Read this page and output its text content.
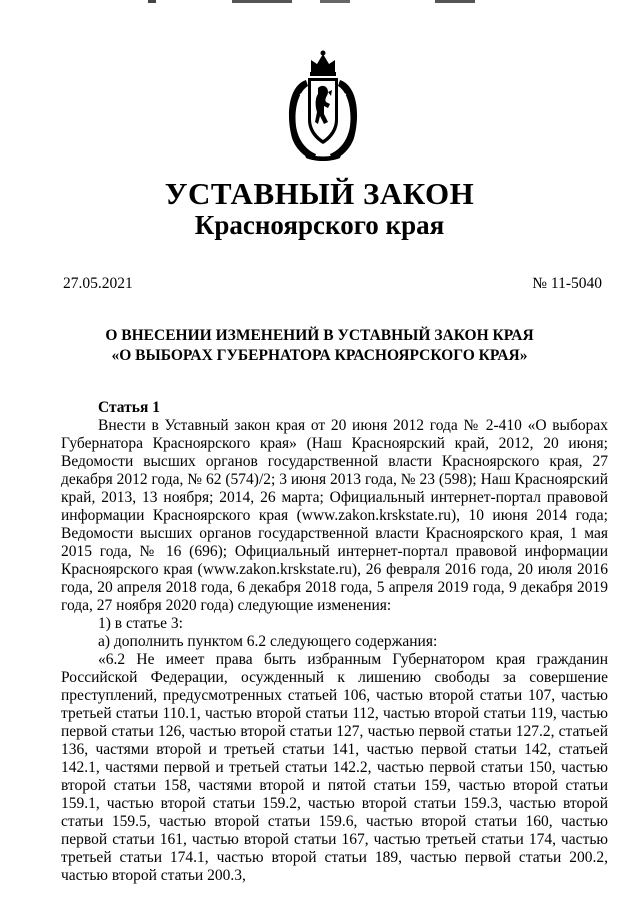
УСТАВНЫЙ ЗАКОН
Красноярского края
27.05.2021	№ 11-5040
О ВНЕСЕНИИ ИЗМЕНЕНИЙ В УСТАВНЫЙ ЗАКОН КРАЯ
«О ВЫБОРАХ ГУБЕРНАТОРА КРАСНОЯРСКОГО КРАЯ»
Статья 1

Внести в Уставный закон края от 20 июня 2012 года № 2-410 «О выборах Губернатора Красноярского края» (Наш Красноярский край, 2012, 20 июня; Ведомости высших органов государственной власти Красноярского края, 27 декабря 2012 года, № 62 (574)/2; 3 июня 2013 года, № 23 (598); Наш Красноярский край, 2013, 13 ноября; 2014, 26 марта; Официальный интернет-портал правовой информации Красноярского края (www.zakon.krskstate.ru), 10 июня 2014 года; Ведомости высших органов государственной власти Красноярского края, 1 мая 2015 года, № 16 (696); Официальный интернет-портал правовой информации Красноярского края (www.zakon.krskstate.ru), 26 февраля 2016 года, 20 июля 2016 года, 20 апреля 2018 года, 6 декабря 2018 года, 5 апреля 2019 года, 9 декабря 2019 года, 27 ноября 2020 года) следующие изменения:

1) в статье 3:

а) дополнить пунктом 6.2 следующего содержания:

«6.2 Не имеет права быть избранным Губернатором края гражданин Российской Федерации, осужденный к лишению свободы за совершение преступлений, предусмотренных статьей 106, частью второй статьи 107, частью третьей статьи 110.1, частью второй статьи 112, частью второй статьи 119, частью первой статьи 126, частью второй статьи 127, частью первой статьи 127.2, статьей 136, частями второй и третьей статьи 141, частью первой статьи 142, статьей 142.1, частями первой и третьей статьи 142.2, частью первой статьи 150, частью второй статьи 158, частями второй и пятой статьи 159, частью второй статьи 159.1, частью второй статьи 159.2, частью второй статьи 159.3, частью второй статьи 159.5, частью второй статьи 159.6, частью второй статьи 160, частью первой статьи 161, частью второй статьи 167, частью третьей статьи 174, частью третьей статьи 174.1, частью второй статьи 189, частью первой статьи 200.2, частью второй статьи 200.3,
